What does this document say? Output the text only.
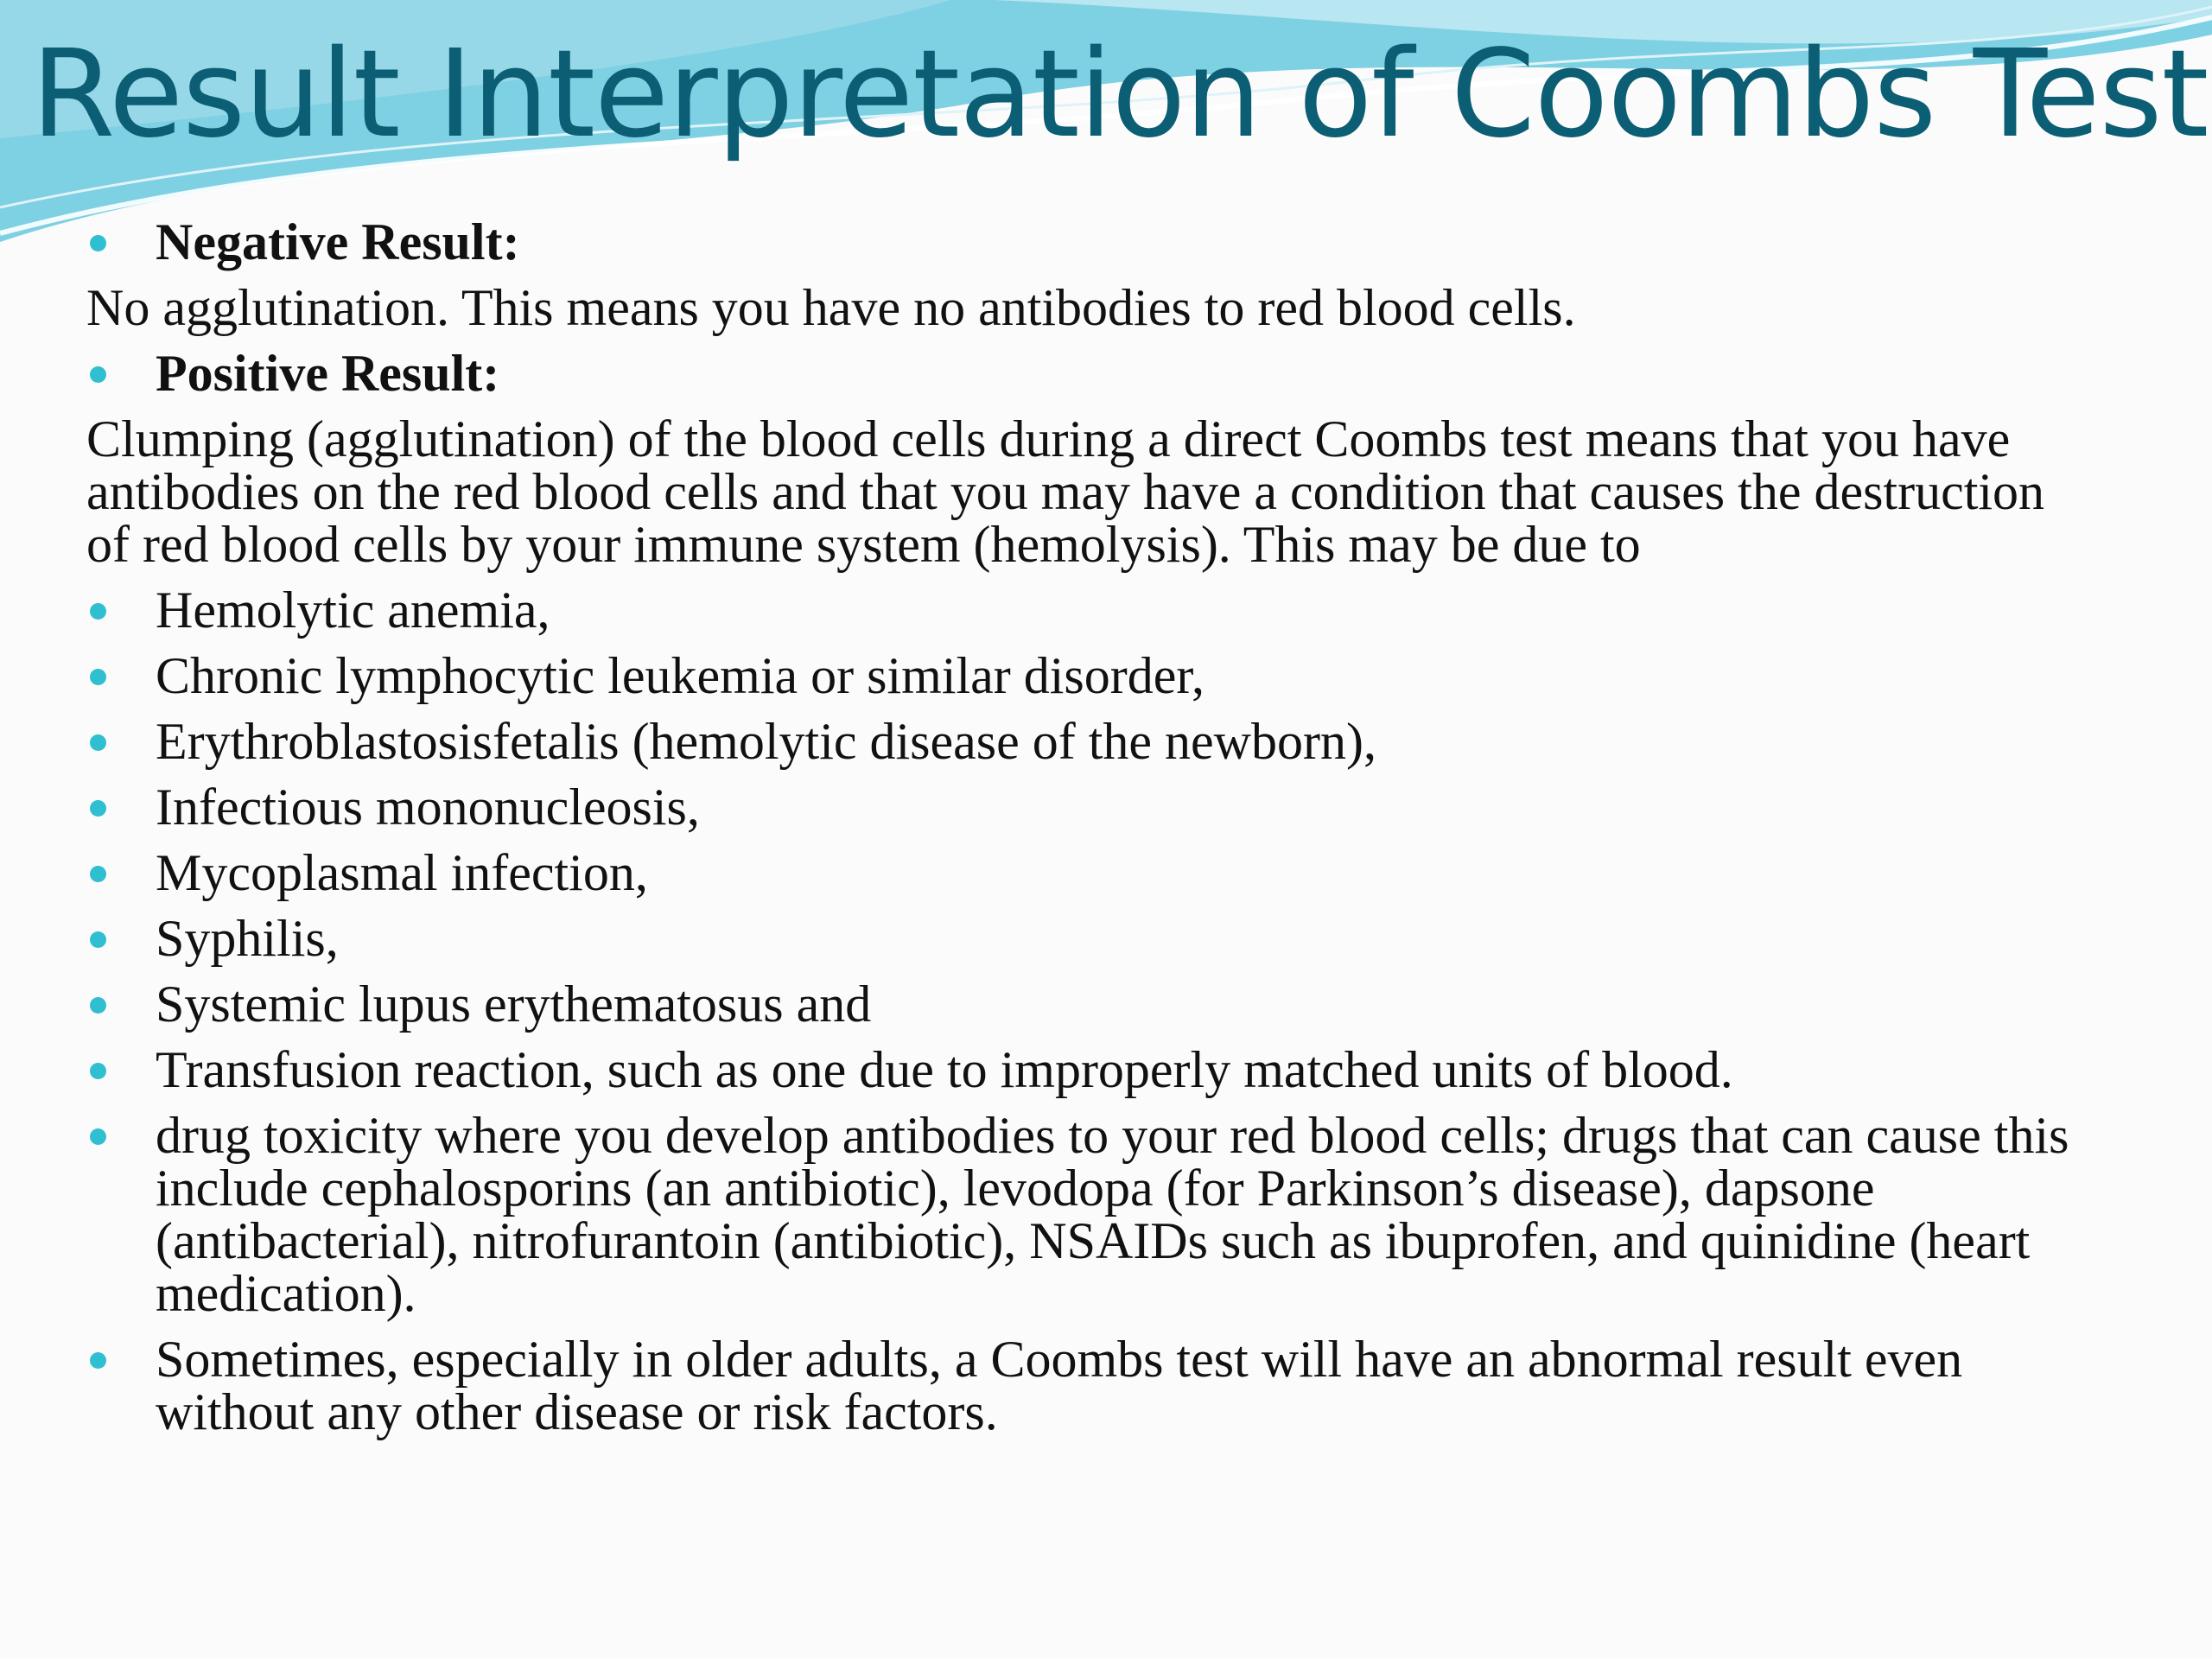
Result Interpretation of Coombs Test
Negative Result:
No agglutination. This means you have no antibodies to red blood cells.
Positive Result:
Clumping (agglutination) of the blood cells during a direct Coombs test means that you have antibodies on the red blood cells and that you may have a condition that causes the destruction of red blood cells by your immune system (hemolysis). This may be due to
Hemolytic anemia,
Chronic lymphocytic leukemia or similar disorder,
Erythroblastosisfetalis (hemolytic disease of the newborn),
Infectious mononucleosis,
Mycoplasmal infection,
Syphilis,
Systemic lupus erythematosus and
Transfusion reaction, such as one due to improperly matched units of blood.
drug toxicity where you develop antibodies to your red blood cells; drugs that can cause this include cephalosporins (an antibiotic), levodopa (for Parkinson’s disease), dapsone (antibacterial), nitrofurantoin (antibiotic), NSAIDs such as ibuprofen, and quinidine (heart medication).
Sometimes, especially in older adults, a Coombs test will have an abnormal result even without any other disease or risk factors.
